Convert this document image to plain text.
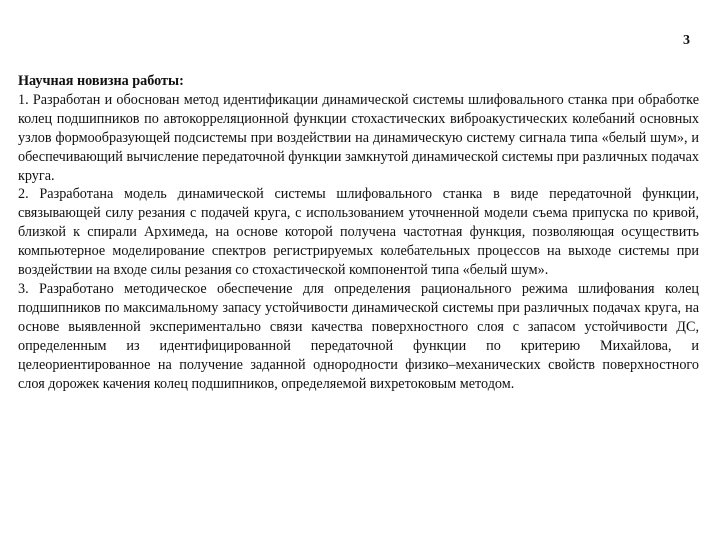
3

Научная новизна работы:

1. Разработан и обоснован метод идентификации динамической системы шлифовального станка при обработке колец подшипников по автокорреляционной функции стохастических виброакустических колебаний основных узлов формообразующей подсистемы при воздействии на динамическую систему сигнала типа «белый шум», и обеспечивающий вычисление передаточной функции замкнутой динамической системы при различных подачах круга.

2. Разработана модель динамической системы шлифовального станка в виде передаточной функции, связывающей силу резания с подачей круга, с использованием уточненной модели съема припуска по кривой, близкой к спирали Архимеда, на основе которой получена частотная функция, позволяющая осуществить компьютерное моделирование спектров регистрируемых колебательных процессов на выходе системы при воздействии на входе силы резания со стохастической компонентой типа «белый шум».

3. Разработано методическое обеспечение для определения рационального режима шлифования колец подшипников по максимальному запасу устойчивости динамической системы при различных подачах круга, на основе выявленной экспериментально связи качества поверхностного слоя с запасом устойчивости ДС, определенным из идентифицированной передаточной функции по критерию Михайлова, и целеориентированное на получение заданной однородности физико–механических свойств поверхностного слоя дорожек качения колец подшипников, определяемой вихретоковым методом.
